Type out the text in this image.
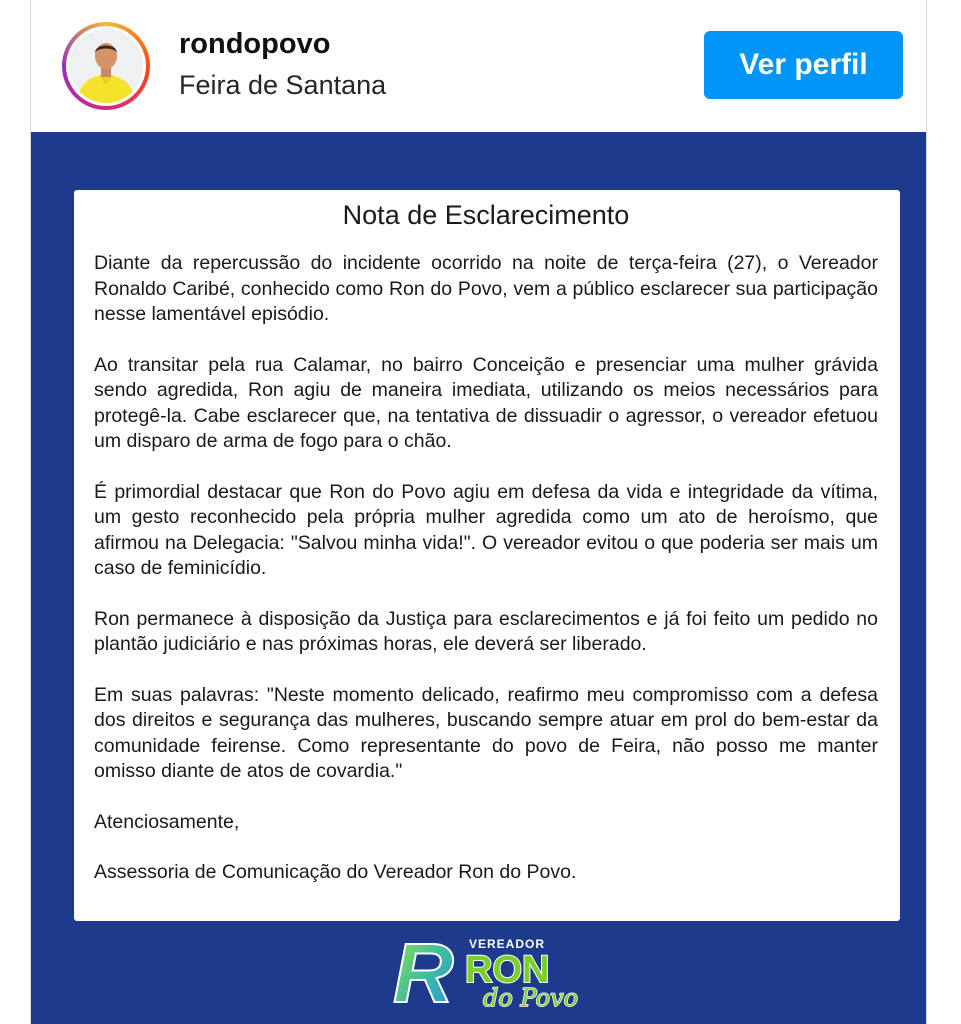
rondopovo
Feira de Santana
Ver perfil
Nota de Esclarecimento

Diante da repercussão do incidente ocorrido na noite de terça-feira (27), o Vereador Ronaldo Caribé, conhecido como Ron do Povo, vem a público esclarecer sua participação nesse lamentável episódio.

Ao transitar pela rua Calamar, no bairro Conceição e presenciar uma mulher grávida sendo agredida, Ron agiu de maneira imediata, utilizando os meios necessários para protegê-la. Cabe esclarecer que, na tentativa de dissuadir o agressor, o vereador efetuou um disparo de arma de fogo para o chão.

É primordial destacar que Ron do Povo agiu em defesa da vida e integridade da vítima, um gesto reconhecido pela própria mulher agredida como um ato de heroísmo, que afirmou na Delegacia: "Salvou minha vida!". O vereador evitou o que poderia ser mais um caso de feminicídio.

Ron permanece à disposição da Justiça para esclarecimentos e já foi feito um pedido no plantão judiciário e nas próximas horas, ele deverá ser liberado.

Em suas palavras: "Neste momento delicado, reafirmo meu compromisso com a defesa dos direitos e segurança das mulheres, buscando sempre atuar em prol do bem-estar da comunidade feirense. Como representante do povo de Feira, não posso me manter omisso diante de atos de covardia."

Atenciosamente,

Assessoria de Comunicação do Vereador Ron do Povo.

R VEREADOR
RON
do Povo
